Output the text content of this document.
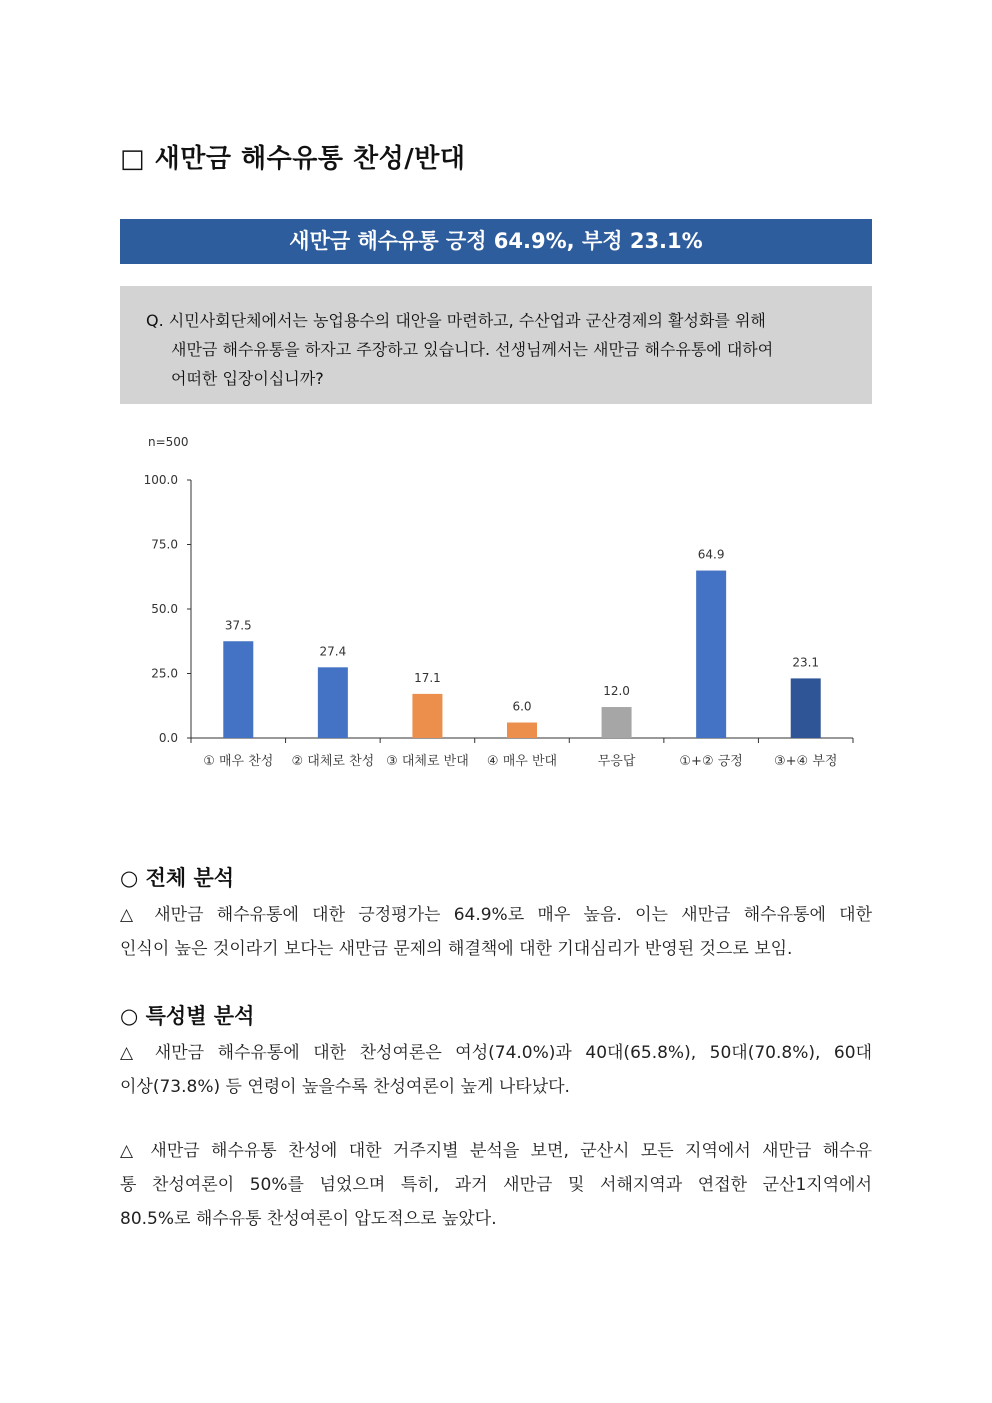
□ 새만금 해수유통 찬성/반대
새만금 해수유통 긍정 64.9%, 부정 23.1%
Q. 시민사회단체에서는 농업용수의 대안을 마련하고, 수산업과 군산경제의 활성화를 위해
새만금 해수유통을 하자고 주장하고 있습니다. 선생님께서는 새만금 해수유통에 대하여
어떠한 입장이십니까?
n=500
0.0
25.0
50.0
75.0
100.0
37.5
① 매우 찬성
27.4
② 대체로 찬성
17.1
③ 대체로 반대
6.0
④ 매우 반대
12.0
무응답
64.9
①+② 긍정
23.1
③+④ 부정
○ 전체 분석
△ 새만금 해수유통에 대한 긍정평가는 64.9%로 매우 높음. 이는 새만금 해수유통에 대한
인식이 높은 것이라기 보다는 새만금 문제의 해결책에 대한 기대심리가 반영된 것으로 보임.
○ 특성별 분석
△ 새만금 해수유통에 대한 찬성여론은 여성(74.0%)과 40대(65.8%), 50대(70.8%), 60대
이상(73.8%) 등 연령이 높을수록 찬성여론이 높게 나타났다.
△ 새만금 해수유통 찬성에 대한 거주지별 분석을 보면, 군산시 모든 지역에서 새만금 해수유
통 찬성여론이 50%를 넘었으며 특히, 과거 새만금 및 서해지역과 연접한 군산1지역에서
80.5%로 해수유통 찬성여론이 압도적으로 높았다.
